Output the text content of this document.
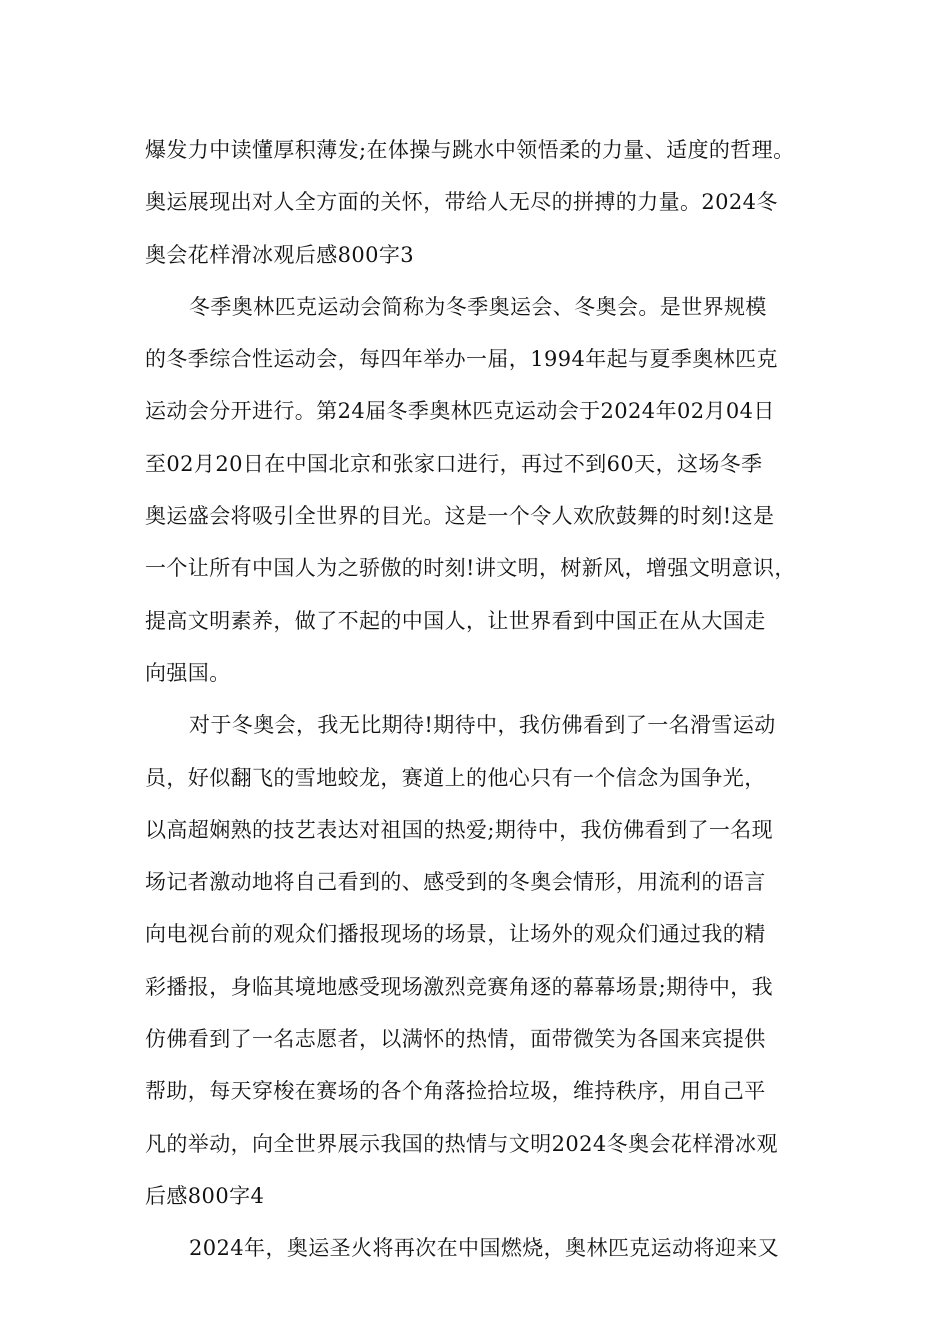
爆发力中读懂厚积薄发;在体操与跳水中领悟柔的力量、适度的哲理。
奥运展现出对人全方面的关怀，带给人无尽的拼搏的力量。2024冬
奥会花样滑冰观后感800字3
冬季奥林匹克运动会简称为冬季奥运会、冬奥会。是世界规模
的冬季综合性运动会，每四年举办一届，1994年起与夏季奥林匹克
运动会分开进行。第24届冬季奥林匹克运动会于2024年02月04日
至02月20日在中国北京和张家口进行，再过不到60天，这场冬季
奥运盛会将吸引全世界的目光。这是一个令人欢欣鼓舞的时刻!这是
一个让所有中国人为之骄傲的时刻!讲文明，树新风，增强文明意识，
提高文明素养，做了不起的中国人，让世界看到中国正在从大国走
向强国。
对于冬奥会，我无比期待!期待中，我仿佛看到了一名滑雪运动
员，好似翻飞的雪地蛟龙，赛道上的他心只有一个信念为国争光，
以高超娴熟的技艺表达对祖国的热爱;期待中，我仿佛看到了一名现
场记者激动地将自己看到的、感受到的冬奥会情形，用流利的语言
向电视台前的观众们播报现场的场景，让场外的观众们通过我的精
彩播报，身临其境地感受现场激烈竞赛角逐的幕幕场景;期待中，我
仿佛看到了一名志愿者，以满怀的热情，面带微笑为各国来宾提供
帮助，每天穿梭在赛场的各个角落捡拾垃圾，维持秩序，用自己平
凡的举动，向全世界展示我国的热情与文明2024冬奥会花样滑冰观
后感800字4
2024年，奥运圣火将再次在中国燃烧，奥林匹克运动将迎来又
